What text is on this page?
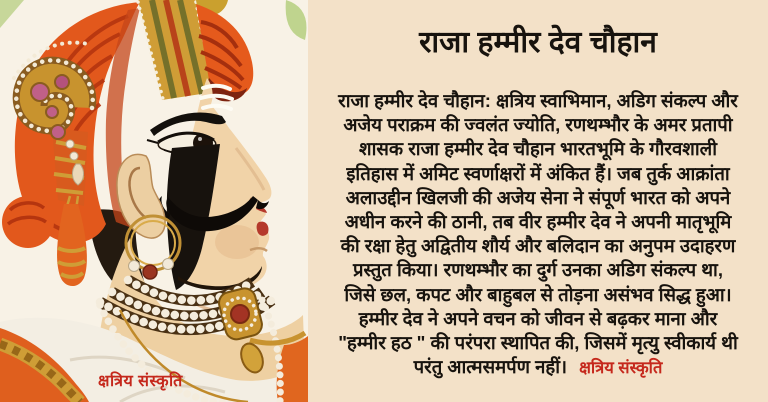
क्षत्रिय संस्कृति
राजा हम्मीर देव चौहान
राजा हम्मीर देव चौहान: क्षत्रिय स्वाभिमान, अडिग संकल्प और
अजेय पराक्रम की ज्वलंत ज्योति, रणथम्भौर के अमर प्रतापी
शासक राजा हम्मीर देव चौहान भारतभूमि के गौरवशाली
इतिहास में अमिट स्वर्णाक्षरों में अंकित हैं। जब तुर्क आक्रांता
अलाउद्दीन खिलजी की अजेय सेना ने संपूर्ण भारत को अपने
अधीन करने की ठानी, तब वीर हम्मीर देव ने अपनी मातृभूमि
की रक्षा हेतु अद्वितीय शौर्य और बलिदान का अनुपम उदाहरण
प्रस्तुत किया। रणथम्भौर का दुर्ग उनका अडिग संकल्प था,
जिसे छल, कपट और बाहुबल से तोड़ना असंभव सिद्ध हुआ।
हम्मीर देव ने अपने वचन को जीवन से बढ़कर माना और
"हम्मीर हठ " की परंपरा स्थापित की, जिसमें मृत्यु स्वीकार्य थी
परंतु आत्मसमर्पण नहीं। क्षत्रिय संस्कृति
